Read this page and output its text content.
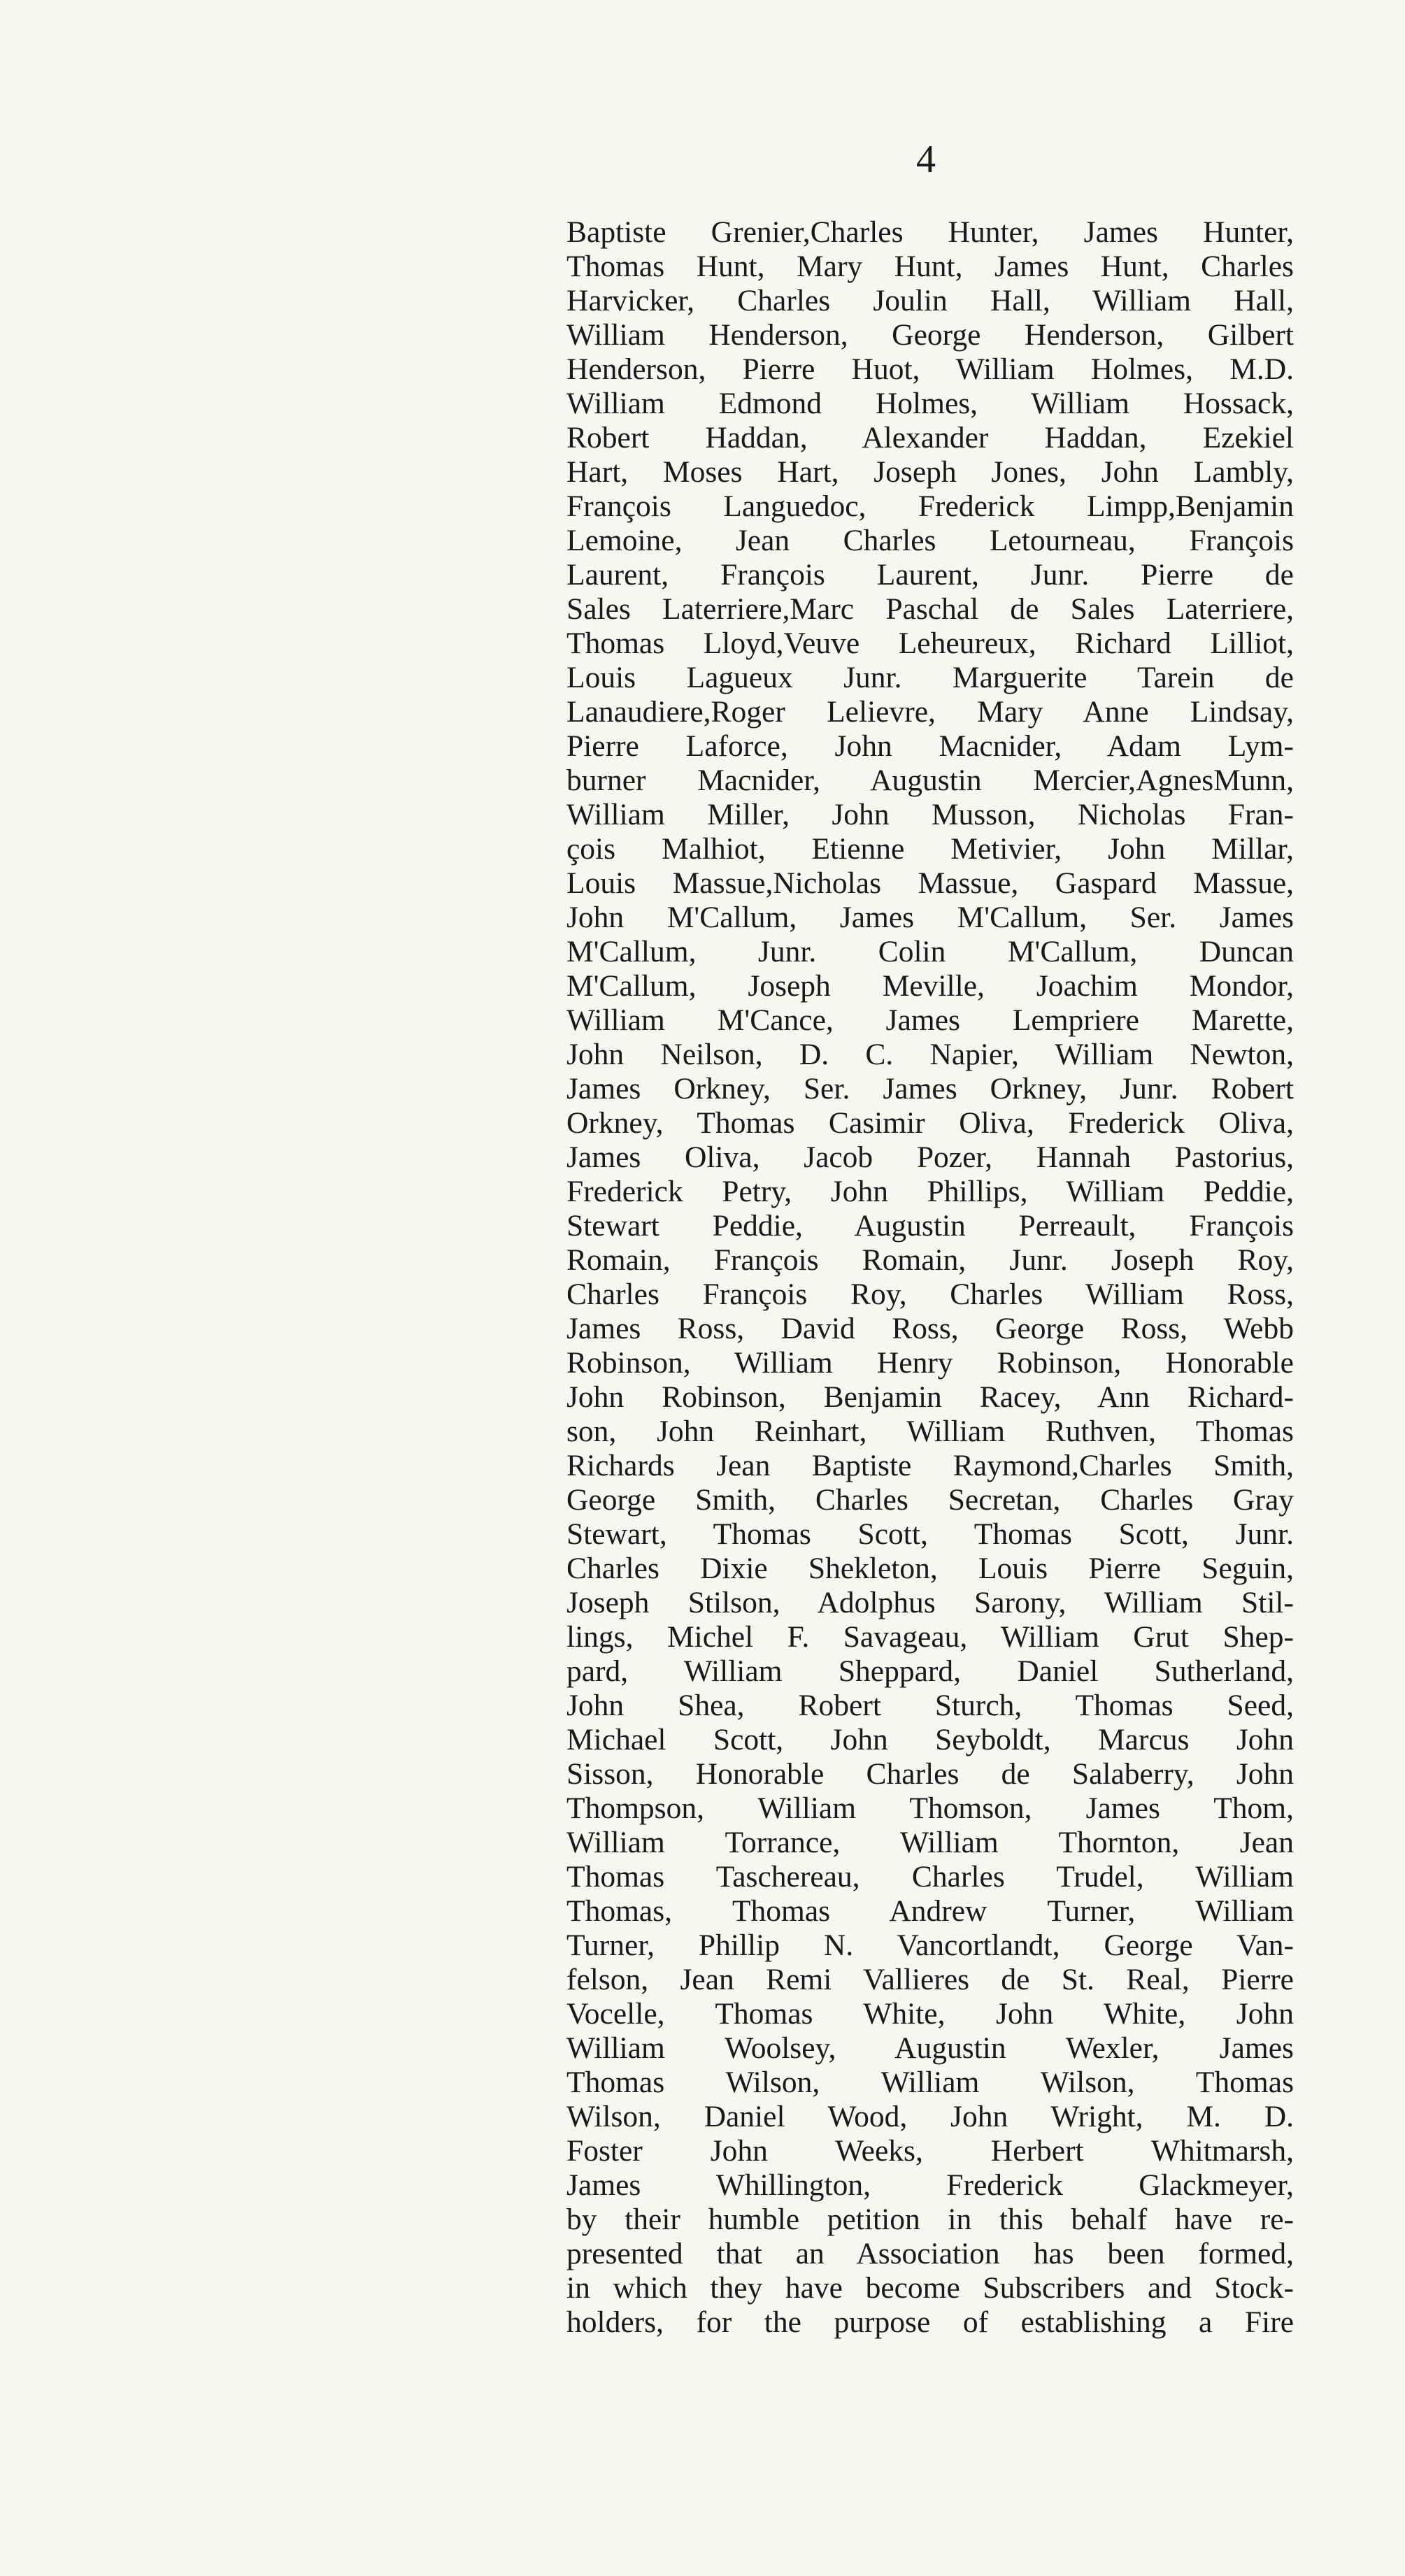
4
Baptiste Grenier,Charles Hunter, James Hunter,
Thomas Hunt, Mary Hunt, James Hunt, Charles
Harvicker, Charles Joulin Hall, William Hall,
William Henderson, George Henderson, Gilbert
Henderson, Pierre Huot, William Holmes, M.D.
William Edmond Holmes, William Hossack,
Robert Haddan, Alexander Haddan, Ezekiel
Hart, Moses Hart, Joseph Jones, John Lambly,
François Languedoc, Frederick Limpp,Benjamin
Lemoine, Jean Charles Letourneau, François
Laurent, François Laurent, Junr. Pierre de
Sales Laterriere,Marc Paschal de Sales Laterriere,
Thomas Lloyd,Veuve Leheureux, Richard Lilliot,
Louis Lagueux Junr. Marguerite Tarein de
Lanaudiere,Roger Lelievre, Mary Anne Lindsay,
Pierre Laforce, John Macnider, Adam Lym-
burner Macnider, Augustin Mercier,AgnesMunn,
William Miller, John Musson, Nicholas Fran-
çois Malhiot, Etienne Metivier, John Millar,
Louis Massue,Nicholas Massue, Gaspard Massue,
John M'Callum, James M'Callum, Ser. James
M'Callum, Junr. Colin M'Callum, Duncan
M'Callum, Joseph Meville, Joachim Mondor,
William M'Cance, James Lempriere Marette,
John Neilson, D. C. Napier, William Newton,
James Orkney, Ser. James Orkney, Junr. Robert
Orkney, Thomas Casimir Oliva, Frederick Oliva,
James Oliva, Jacob Pozer, Hannah Pastorius,
Frederick Petry, John Phillips, William Peddie,
Stewart Peddie, Augustin Perreault, François
Romain, François Romain, Junr. Joseph Roy,
Charles François Roy, Charles William Ross,
James Ross, David Ross, George Ross, Webb
Robinson, William Henry Robinson, Honorable
John Robinson, Benjamin Racey, Ann Richard-
son, John Reinhart, William Ruthven, Thomas
Richards Jean Baptiste Raymond,Charles Smith,
George Smith, Charles Secretan, Charles Gray
Stewart, Thomas Scott, Thomas Scott, Junr.
Charles Dixie Shekleton, Louis Pierre Seguin,
Joseph Stilson, Adolphus Sarony, William Stil-
lings, Michel F. Savageau, William Grut Shep-
pard, William Sheppard, Daniel Sutherland,
John Shea, Robert Sturch, Thomas Seed,
Michael Scott, John Seyboldt, Marcus John
Sisson, Honorable Charles de Salaberry, John
Thompson, William Thomson, James Thom,
William Torrance, William Thornton, Jean
Thomas Taschereau, Charles Trudel, William
Thomas, Thomas Andrew Turner, William
Turner, Phillip N. Vancortlandt, George Van-
felson, Jean Remi Vallieres de St. Real, Pierre
Vocelle, Thomas White, John White, John
William Woolsey, Augustin Wexler, James
Thomas Wilson, William Wilson, Thomas
Wilson, Daniel Wood, John Wright, M. D.
Foster John Weeks, Herbert Whitmarsh,
James Whillington, Frederick Glackmeyer,
by their humble petition in this behalf have re-
presented that an Association has been formed,
in which they have become Subscribers and Stock-
holders, for the purpose of establishing a Fire
